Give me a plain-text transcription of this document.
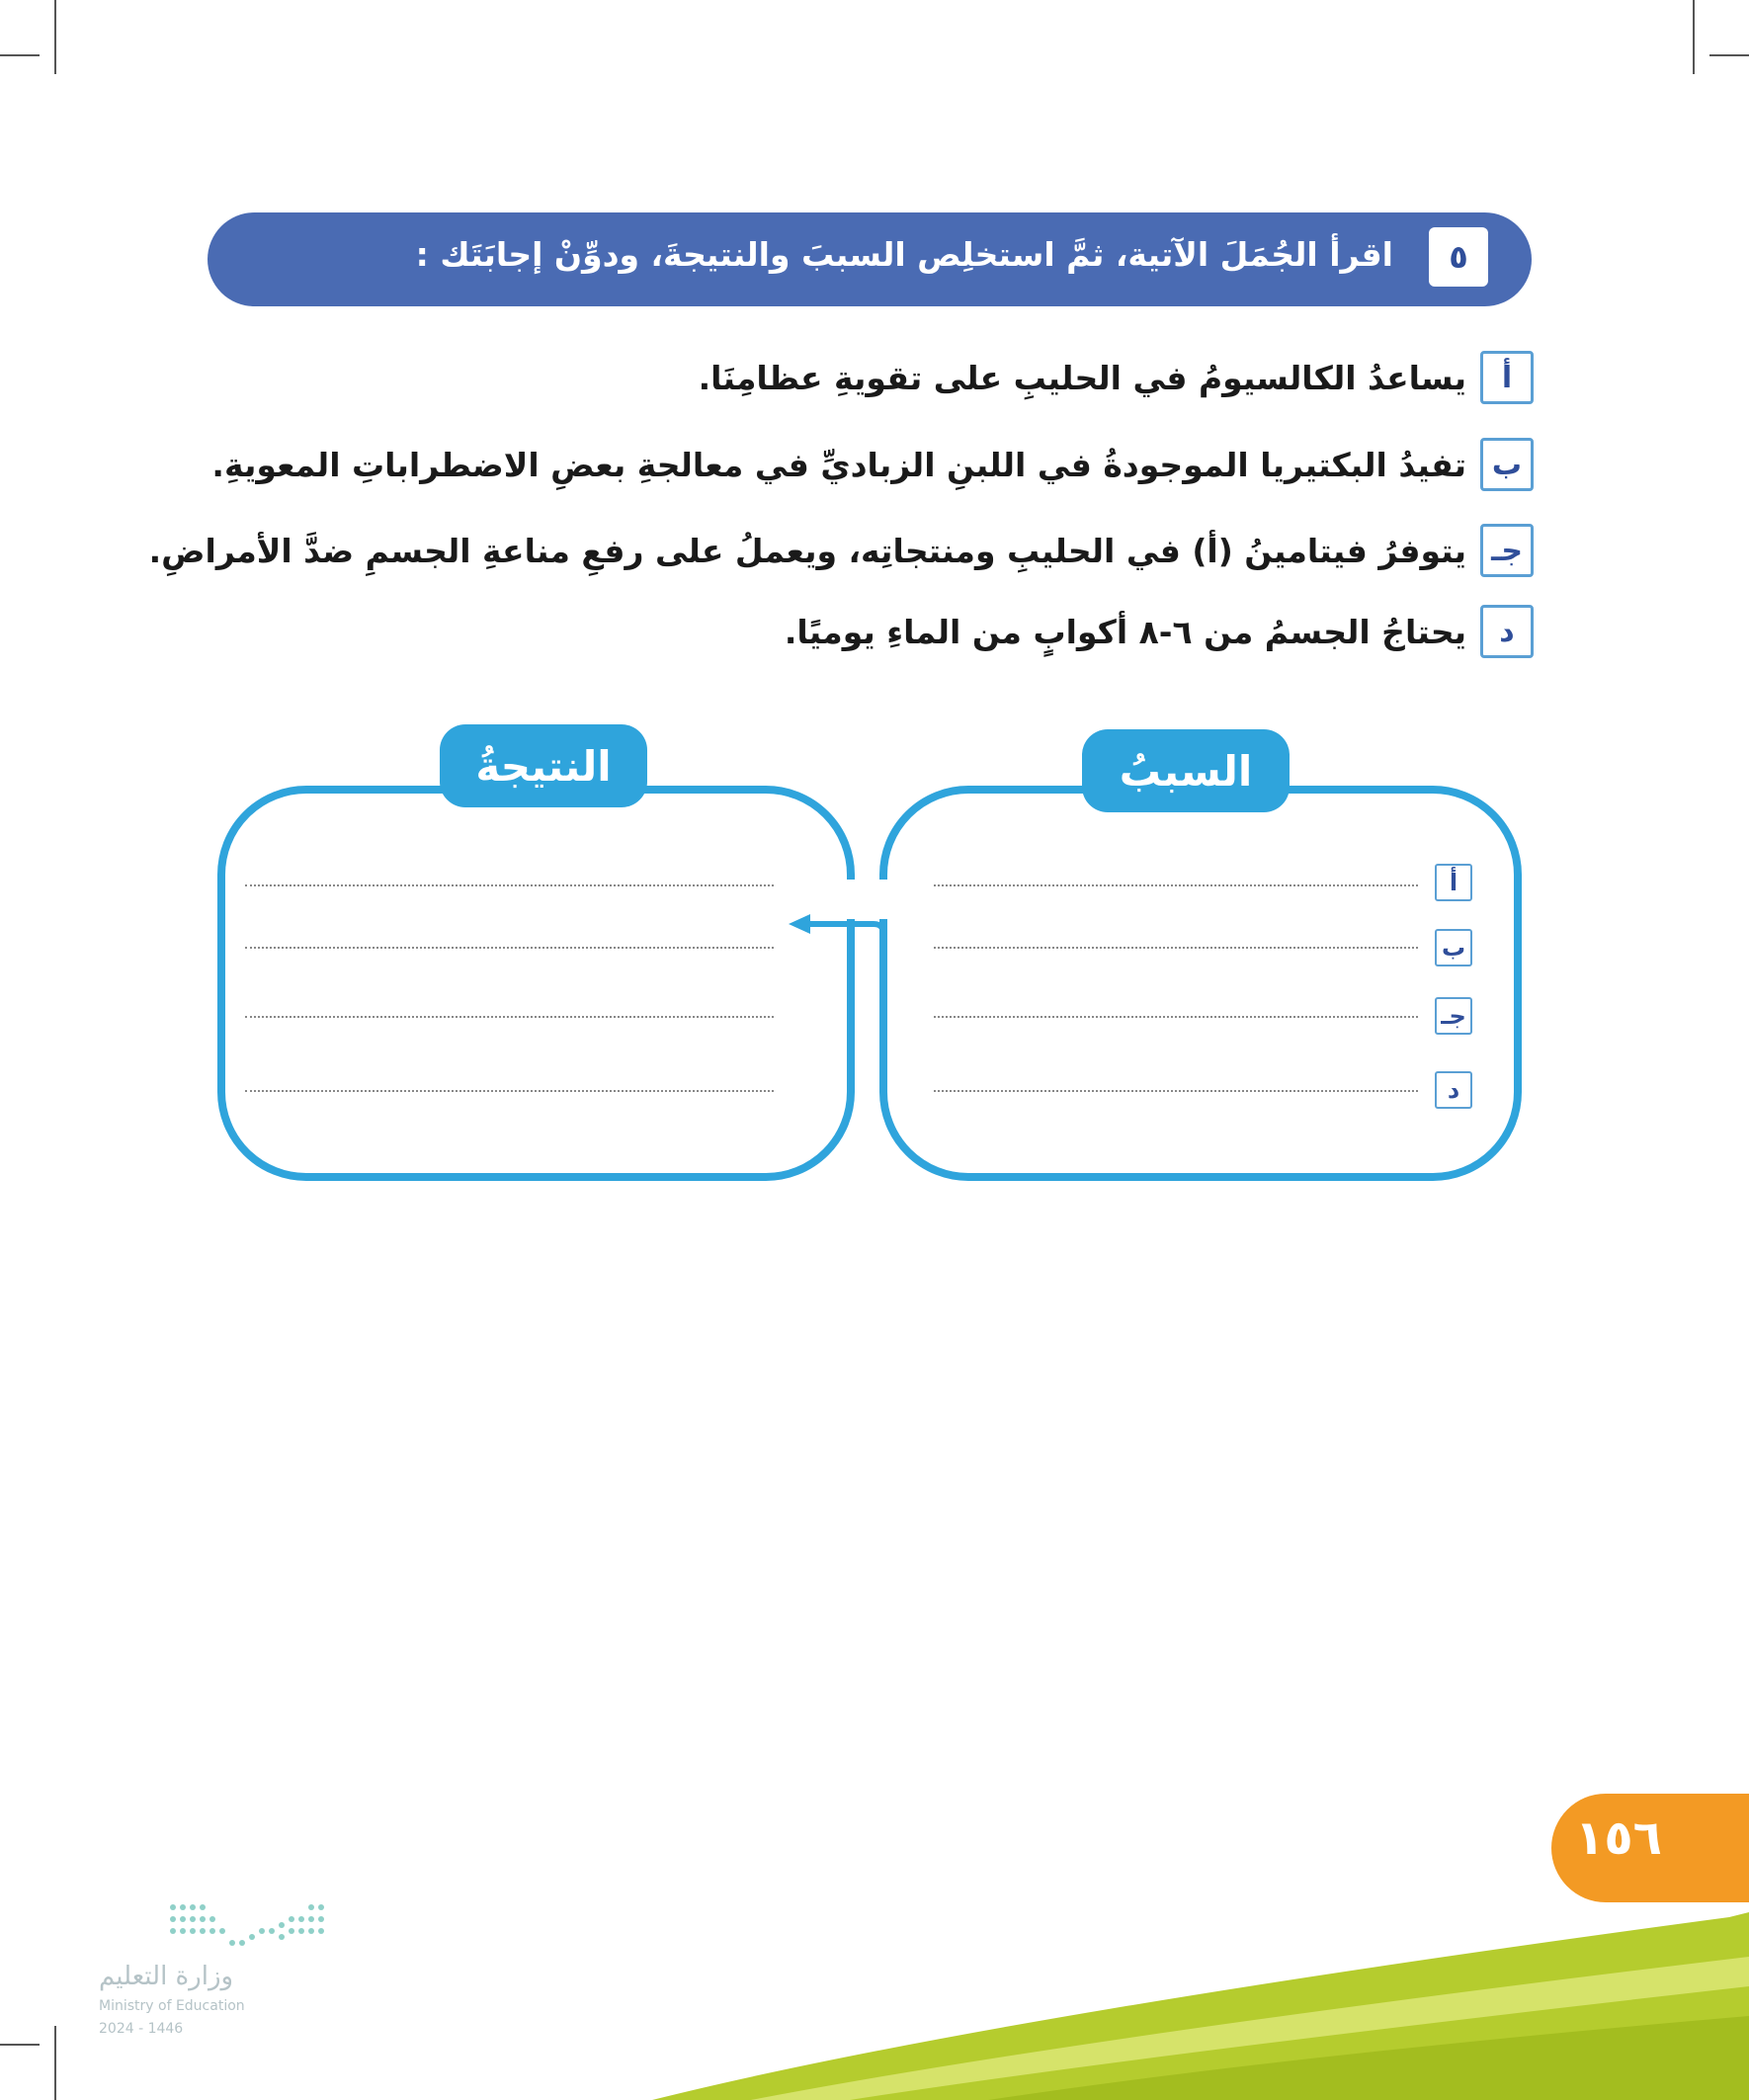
٥
اقرأ الجُمَلَ الآتية، ثمَّ استخلِص السببَ والنتيجةَ، ودوِّنْ إجابَتَك :
أ
يساعدُ الكالسيومُ في الحليبِ على تقويةِ عظامِنَا.
ب
تفيدُ البكتيريا الموجودةُ في اللبنِ الزباديِّ في معالجةِ بعضِ الاضطراباتِ المعويةِ.
جـ
يتوفرُ فيتامينُ (أ) في الحليبِ ومنتجاتِه، ويعملُ على رفعِ مناعةِ الجسمِ ضدَّ الأمراضِ.
د
يحتاجُ الجسمُ من ٦-٨ أكوابٍ من الماءِ يوميًا.
السببُ
النتيجةُ
أ
ب
جـ
د
١٥٦
وزارة التعليم
Ministry of Education
2024 - 1446
